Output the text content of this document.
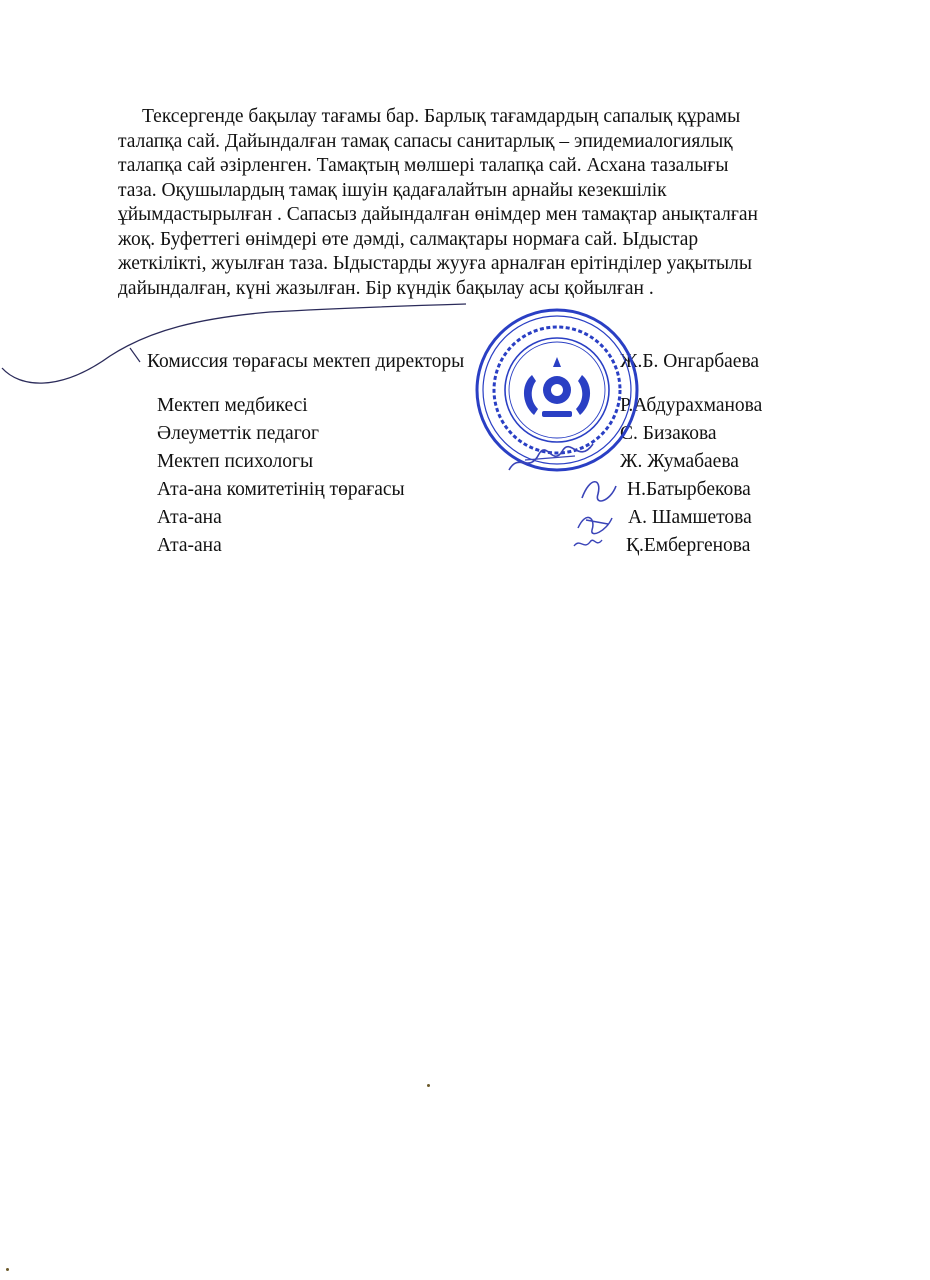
Тексергенде бақылау тағамы бар. Барлық тағамдардың сапалық құрамы
талапқа сай. Дайындалған тамақ сапасы санитарлық – эпидемиалогиялық
талапқа сай әзірленген. Тамақтың мөлшері талапқа сай. Асхана тазалығы
таза. Оқушылардың тамақ ішуін қадағалайтын арнайы кезекшілік
ұйымдастырылған . Сапасыз дайындалған өнімдер мен тамақтар анықталған
жоқ. Буфеттегі өнімдері өте дәмді, салмақтары нормаға сай. Ыдыстар
жеткілікті, жуылған таза. Ыдыстарды жууға арналған ерітінділер уақытылы
дайындалған, күні жазылған. Бір күндік бақылау асы қойылған .

Комиссия төрағасы мектеп директоры	Ж.Б. Онгарбаева
Мектеп медбикесі	Р.Абдурахманова
Әлеуметтік педагог	С. Бизакова
Мектеп психологы	Ж. Жумабаева
Ата-ана комитетінің төрағасы	Н.Батырбекова
Ата-ана	А. Шамшетова
Ата-ана	Қ.Ембергенова
